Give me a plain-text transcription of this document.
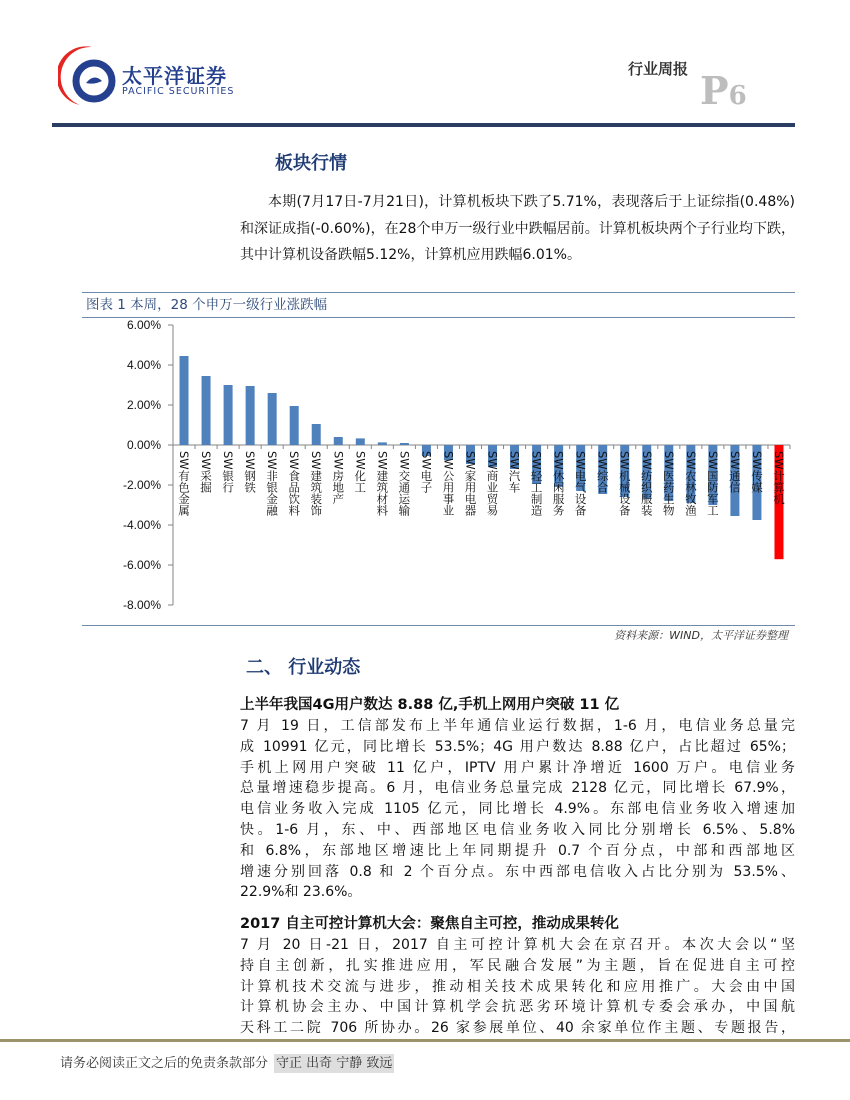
太平洋证券
PACIFIC SECURITIES
行业周报 P6
板块行情
本期(7月17日-7月21日)，计算机板块下跌了5.71%，表现落后于上证综指(0.48%)
和深证成指(-0.60%)，在28个申万一级行业中跌幅居前。计算机板块两个子行业均下跌，
其中计算机设备跌幅5.12%，计算机应用跌幅6.01%。
图表 1 本周，28 个申万一级行业涨跌幅
6.00%
4.00%
2.00%
0.00%
-2.00%
-4.00%
-6.00%
-8.00%
SW有色金属 SW采掘 SW银行 SW钢铁 SW非银金融 SW食品饮料 SW建筑装饰 SW房地产 SW化工 SW建筑材料 SW交通运输 SW电子 SW公用事业 SW家用电器 SW商业贸易 SW汽车 SW轻工制造 SW休闲服务 SW电气设备 SW综合 SW机械设备 SW纺织服装 SW医药生物 SW农林牧渔 SW国防军工 SW通信 SW传媒 SW计算机
资料来源：WIND，太平洋证券整理
二、 行业动态
上半年我国4G用户数达 8.88 亿,手机上网用户突破 11 亿
7 月 19 日，工信部发布上半年通信业运行数据，1-6 月，电信业务总量完
成 10991 亿元，同比增长 53.5%；4G 用户数达 8.88 亿户，占比超过 65%；
手机上网用户突破 11 亿户，IPTV 用户累计净增近 1600 万户。电信业务
总量增速稳步提高。6 月，电信业务总量完成 2128 亿元，同比增长 67.9%，
电信业务收入完成 1105 亿元，同比增长 4.9%。东部电信业务收入增速加
快。1-6 月，东、中、西部地区电信业务收入同比分别增长 6.5%、5.8%
和 6.8%，东部地区增速比上年同期提升 0.7 个百分点，中部和西部地区
增速分别回落 0.8 和 2 个百分点。东中西部电信收入占比分别为 53.5%、
22.9%和 23.6%。
2017 自主可控计算机大会：聚焦自主可控，推动成果转化
7 月 20 日-21 日，2017 自主可控计算机大会在京召开。本次大会以“坚
持自主创新，扎实推进应用，军民融合发展”为主题，旨在促进自主可控
计算机技术交流与进步，推动相关技术成果转化和应用推广。大会由中国
计算机协会主办、中国计算机学会抗恶劣环境计算机专委会承办，中国航
天科工二院 706 所协办。26 家参展单位、40 余家单位作主题、专题报告，
请务必阅读正文之后的免责条款部分 守正 出奇 宁静 致远
